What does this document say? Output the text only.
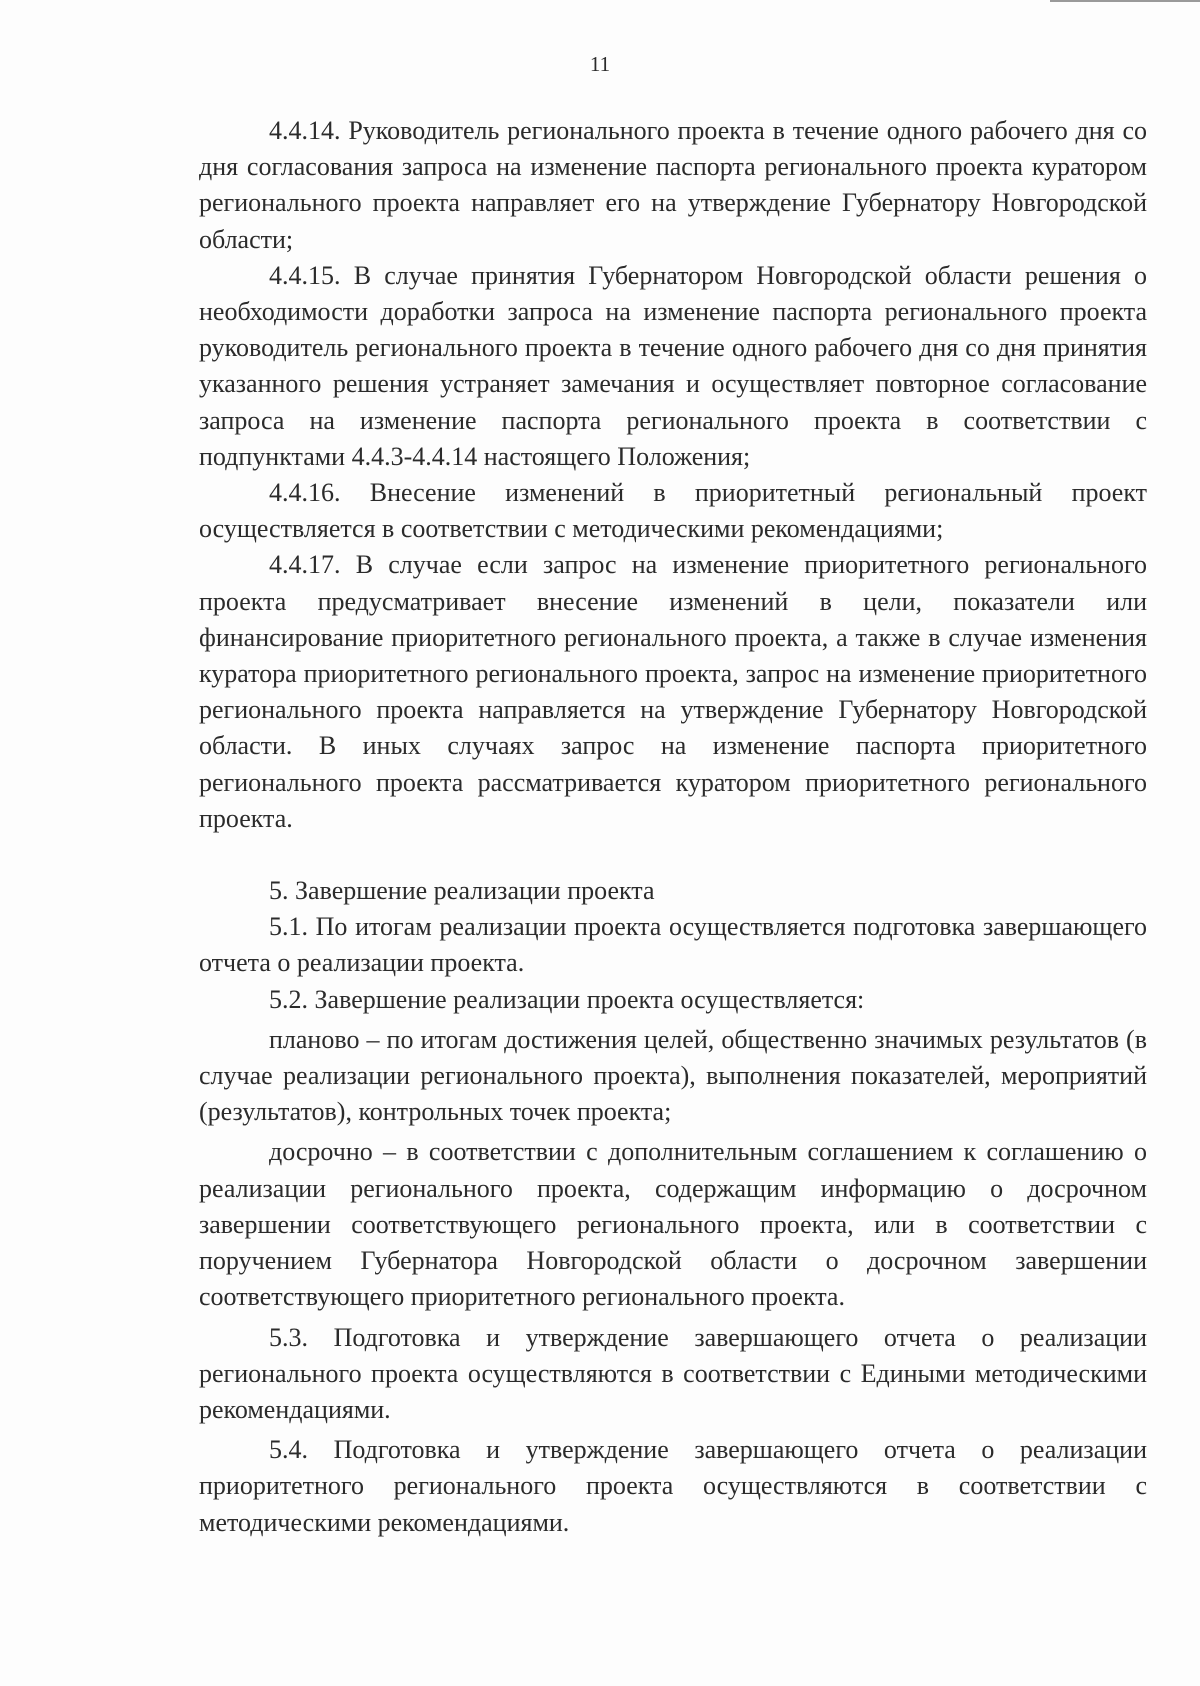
11

4.4.14. Руководитель регионального проекта в течение одного рабочего дня со дня согласования запроса на изменение паспорта регионального проекта куратором регионального проекта направляет его на утверждение Губернатору Новгородской области;

4.4.15. В случае принятия Губернатором Новгородской области решения о необходимости доработки запроса на изменение паспорта регионального проекта руководитель регионального проекта в течение одного рабочего дня со дня принятия указанного решения устраняет замечания и осуществляет повторное согласование запроса на изменение паспорта регионального проекта в соответствии с подпунктами 4.4.3-4.4.14 настоящего Положения;

4.4.16. Внесение изменений в приоритетный региональный проект осуществляется в соответствии с методическими рекомендациями;

4.4.17. В случае если запрос на изменение приоритетного регионального проекта предусматривает внесение изменений в цели, показатели или финансирование приоритетного регионального проекта, а также в случае изменения куратора приоритетного регионального проекта, запрос на изменение приоритетного регионального проекта направляется на утверждение Губернатору Новгородской области. В иных случаях запрос на изменение паспорта приоритетного регионального проекта рассматривается куратором приоритетного регионального проекта.

5. Завершение реализации проекта

5.1. По итогам реализации проекта осуществляется подготовка завершающего отчета о реализации проекта.

5.2. Завершение реализации проекта осуществляется:

планово – по итогам достижения целей, общественно значимых результатов (в случае реализации регионального проекта), выполнения показателей, мероприятий (результатов), контрольных точек проекта;

досрочно – в соответствии с дополнительным соглашением к соглашению о реализации регионального проекта, содержащим информацию о досрочном завершении соответствующего регионального проекта, или в соответствии с поручением Губернатора Новгородской области о досрочном завершении соответствующего приоритетного регионального проекта.

5.3. Подготовка и утверждение завершающего отчета о реализации регионального проекта осуществляются в соответствии с Едиными методическими рекомендациями.

5.4. Подготовка и утверждение завершающего отчета о реализации приоритетного регионального проекта осуществляются в соответствии с методическими рекомендациями.
